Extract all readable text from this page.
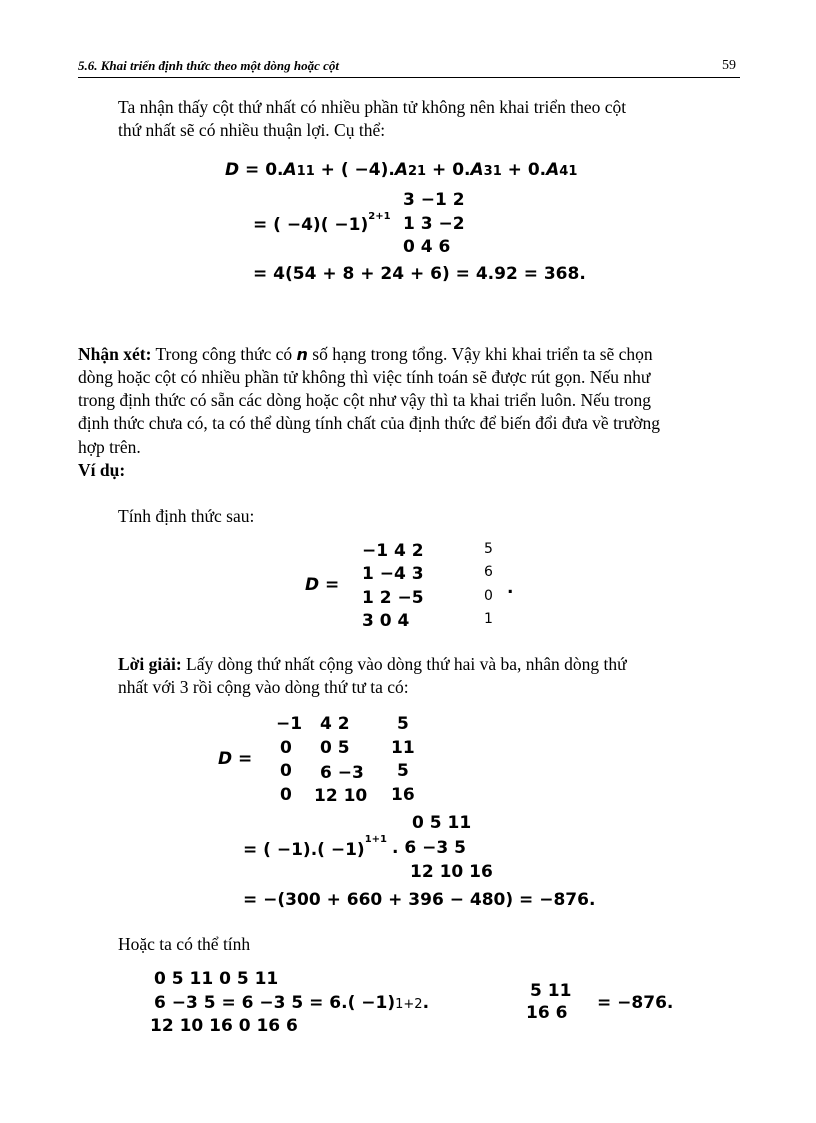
5.6. Khai triển định thức theo một dòng hoặc cột	59
Ta nhận thấy cột thứ nhất có nhiều phần tử không nên khai triển theo cột
thứ nhất sẽ có nhiều thuận lợi. Cụ thể:
D = 0.A11 + ( −4).A21 + 0.A31 + 0.A41
3 −1 2
= ( $-4)( -1)^{2+1}$ 1 3 −2
0 4 6
= 4(54 + 8 + 24 + 6) = 4.92 = 368.
Nhận xét: Trong công thức có n số hạng trong tổng. Vậy khi khai triển ta sẽ chọn
dòng hoặc cột có nhiều phần tử không thì việc tính toán sẽ được rút gọn. Nếu như
trong định thức có sẵn các dòng hoặc cột như vậy thì ta khai triển luôn. Nếu trong
định thức chưa có, ta có thể dùng tính chất của định thức để biến đổi đưa về trường
hợp trên.
Ví dụ:
Tính định thức sau:
−1 4 2
1 −4 3
1 2 −5
3 0 4
D =
5
6
0
1
.
Lời giải: Lấy dòng thứ nhất cộng vào dòng thứ hai và ba, nhân dòng thứ
nhất với 3 rồi cộng vào dòng thứ tư ta có:
D =
−1
0
0
0
4 2
0 5
6 −3
12 10
5
11
5
16
0 5 11
= ( $-1).( -1)^{1+1}$ . 6 −3 5
12 10 16
= −(300 + 660 + 396 − 480) = −876.
Hoặc ta có thể tính
0 5 11 0 5 11
6 −3 5 = 6 −3 5 = 6.( −1)1+2.
12 10 16 0 16 6
5 11
16 6 = −876.
